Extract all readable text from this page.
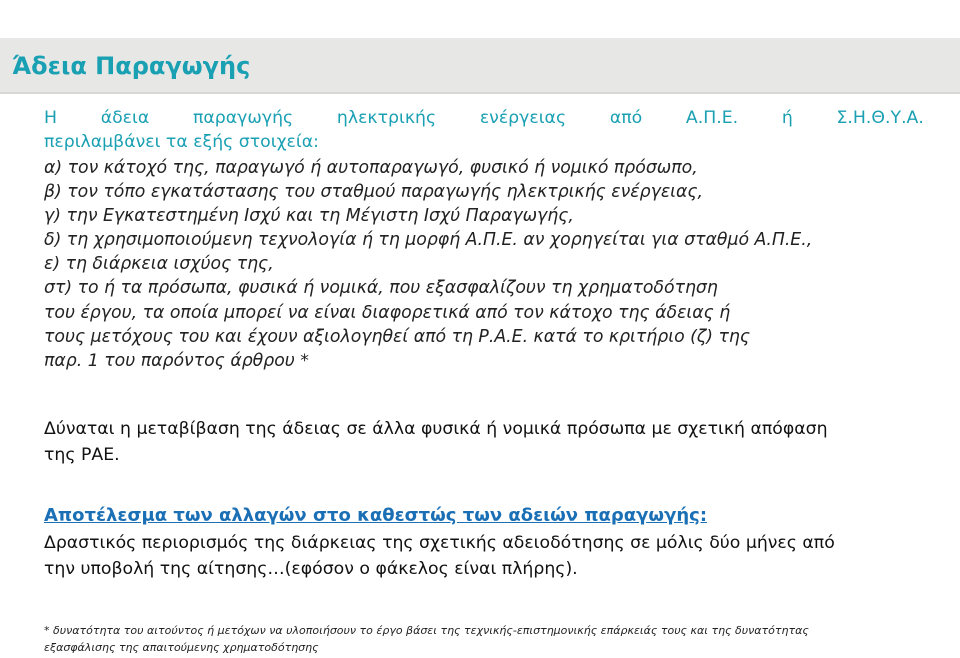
Άδεια Παραγωγής
Η	άδεια	παραγωγής	ηλεκτρικής	ενέργειας	από	Α.Π.Ε.	ή	Σ.Η.Θ.Υ.Α.
περιλαμβάνει τα εξής στοιχεία:
α) τον κάτοχό της, παραγωγό ή αυτοπαραγωγό, φυσικό ή νομικό πρόσωπο,
β) τον τόπο εγκατάστασης του σταθμού παραγωγής ηλεκτρικής ενέργειας,
γ) την Εγκατεστημένη Ισχύ και τη Μέγιστη Ισχύ Παραγωγής,
δ) τη χρησιμοποιούμενη τεχνολογία ή τη μορφή Α.Π.Ε. αν χορηγείται για σταθμό Α.Π.Ε.,
ε) τη διάρκεια ισχύος της,
στ) το ή τα πρόσωπα, φυσικά ή νομικά, που εξασφαλίζουν τη χρηματοδότηση
του έργου, τα οποία μπορεί να είναι διαφορετικά από τον κάτοχο της άδειας ή
τους μετόχους του και έχουν αξιολογηθεί από τη Ρ.Α.Ε. κατά το κριτήριο (ζ) της
παρ. 1 του παρόντος άρθρου *
Δύναται η μεταβίβαση της άδειας σε άλλα φυσικά ή νομικά πρόσωπα με σχετική απόφαση
της ΡΑΕ.
Αποτέλεσμα των αλλαγών στο καθεστώς των αδειών παραγωγής:
Δραστικός περιορισμός της διάρκειας της σχετικής αδειοδότησης σε μόλις δύο μήνες από
την υποβολή της αίτησης…(εφόσον ο φάκελος είναι πλήρης).
* δυνατότητα του αιτούντος ή μετόχων να υλοποιήσουν το έργο βάσει της τεχνικής-επιστημονικής επάρκειάς τους και της δυνατότητας
εξασφάλισης της απαιτούμενης χρηματοδότησης
